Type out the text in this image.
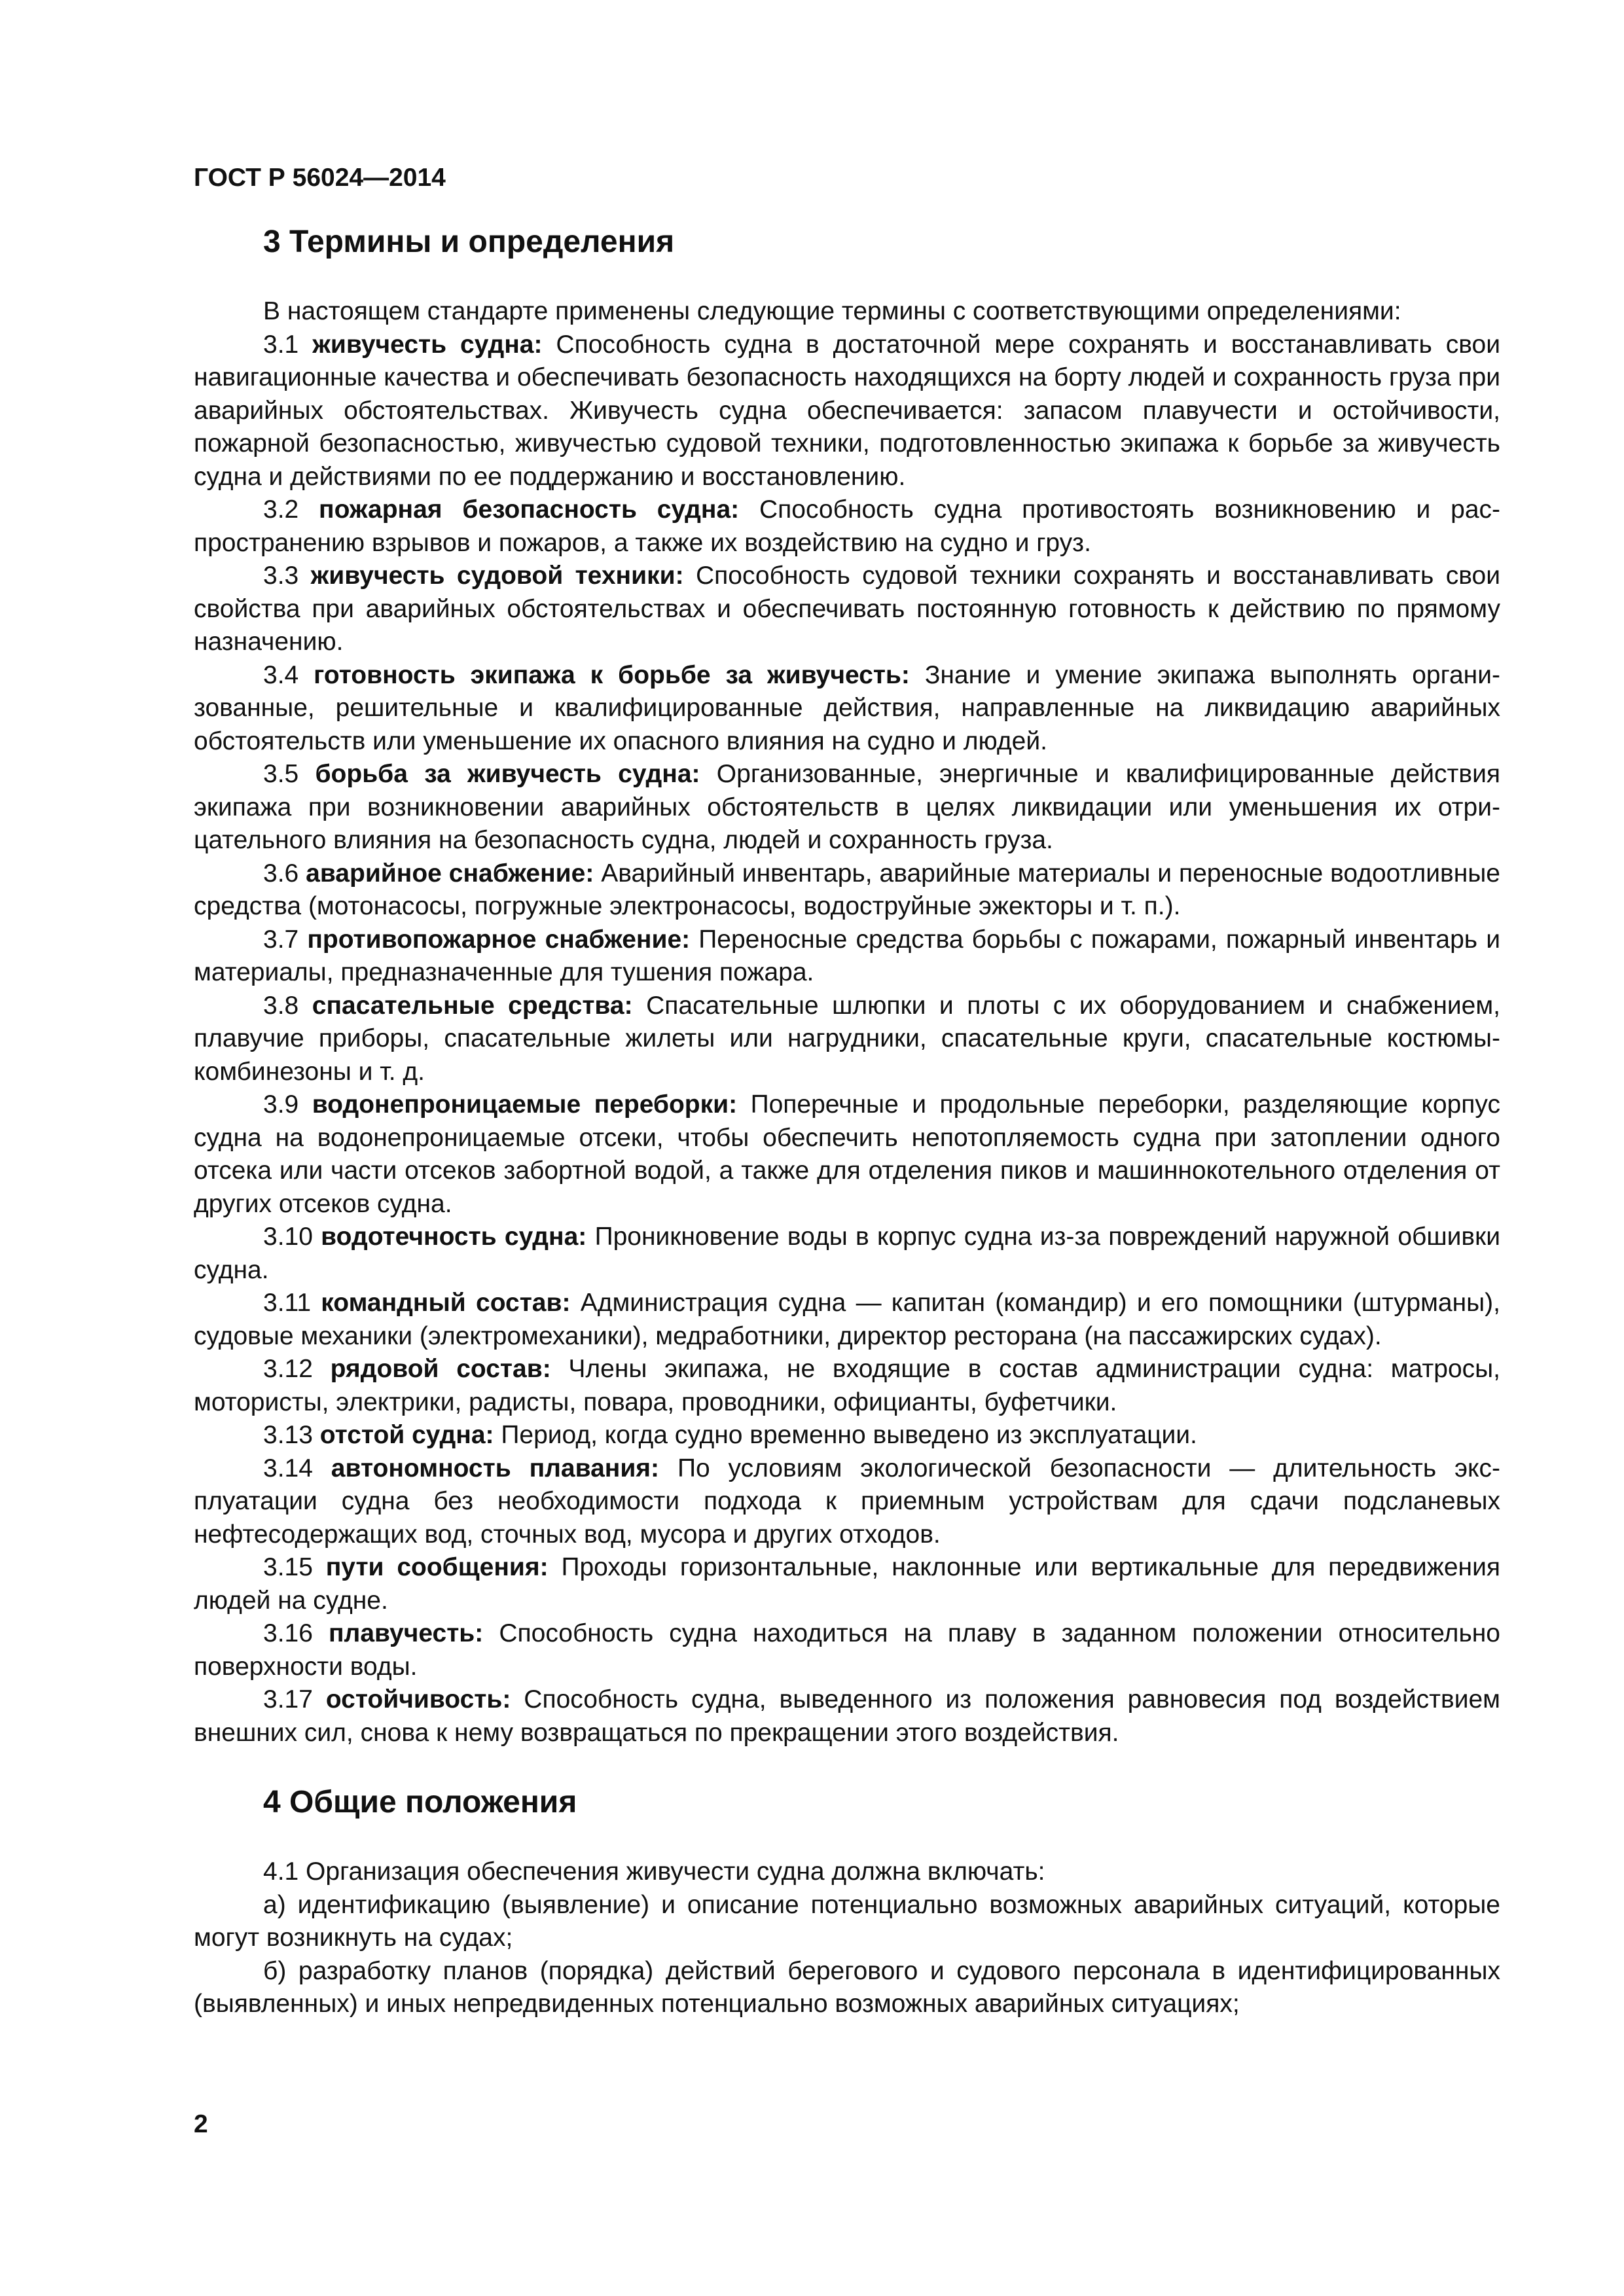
ГОСТ Р 56024—2014

3 Термины и определения

В настоящем стандарте применены следующие термины с соответствующими определениями:

3.1 живучесть судна: Способность судна в достаточной мере сохранять и восстанавливать свои навигационные качества и обеспечивать безопасность находящихся на борту людей и сохранность груза при аварийных обстоятельствах. Живучесть судна обеспечивается: запасом плавучести и остойчивости, пожарной безопасностью, живучестью судовой техники, подготовленностью экипажа к борьбе за живучесть судна и действиями по ее поддержанию и восстановлению.

3.2 пожарная безопасность судна: Способность судна противостоять возникновению и распространению взрывов и пожаров, а также их воздействию на судно и груз.

3.3 живучесть судовой техники: Способность судовой техники сохранять и восстанавливать свои свойства при аварийных обстоятельствах и обеспечивать постоянную готовность к действию по прямому назначению.

3.4 готовность экипажа к борьбе за живучесть: Знание и умение экипажа выполнять организованные, решительные и квалифицированные действия, направленные на ликвидацию аварийных обстоятельств или уменьшение их опасного влияния на судно и людей.

3.5 борьба за живучесть судна: Организованные, энергичные и квалифицированные действия экипажа при возникновении аварийных обстоятельств в целях ликвидации или уменьшения их отрицательного влияния на безопасность судна, людей и сохранность груза.

3.6 аварийное снабжение: Аварийный инвентарь, аварийные материалы и переносные водоотливные средства (мотонасосы, погружные электронасосы, водоструйные эжекторы и т. п.).

3.7 противопожарное снабжение: Переносные средства борьбы с пожарами, пожарный инвентарь и материалы, предназначенные для тушения пожара.

3.8 спасательные средства: Спасательные шлюпки и плоты с их оборудованием и снабжением, плавучие приборы, спасательные жилеты или нагрудники, спасательные круги, спасательные костюмы-комбинезоны и т. д.

3.9 водонепроницаемые переборки: Поперечные и продольные переборки, разделяющие корпус судна на водонепроницаемые отсеки, чтобы обеспечить непотопляемость судна при затоплении одного отсека или части отсеков забортной водой, а также для отделения пиков и машиннокотельного отделения от других отсеков судна.

3.10 водотечность судна: Проникновение воды в корпус судна из-за повреждений наружной обшивки судна.

3.11 командный состав: Администрация судна — капитан (командир) и его помощники (штурманы), судовые механики (электромеханики), медработники, директор ресторана (на пассажирских судах).

3.12 рядовой состав: Члены экипажа, не входящие в состав администрации судна: матросы, мотористы, электрики, радисты, повара, проводники, официанты, буфетчики.

3.13 отстой судна: Период, когда судно временно выведено из эксплуатации.

3.14 автономность плавания: По условиям экологической безопасности — длительность эксплуатации судна без необходимости подхода к приемным устройствам для сдачи подсланевых нефтесодержащих вод, сточных вод, мусора и других отходов.

3.15 пути сообщения: Проходы горизонтальные, наклонные или вертикальные для передвижения людей на судне.

3.16 плавучесть: Способность судна находиться на плаву в заданном положении относительно поверхности воды.

3.17 остойчивость: Способность судна, выведенного из положения равновесия под воздействием внешних сил, снова к нему возвращаться по прекращении этого воздействия.

4 Общие положения

4.1 Организация обеспечения живучести судна должна включать:

а) идентификацию (выявление) и описание потенциально возможных аварийных ситуаций, которые могут возникнуть на судах;

б) разработку планов (порядка) действий берегового и судового персонала в идентифицированных (выявленных) и иных непредвиденных потенциально возможных аварийных ситуациях;

2
